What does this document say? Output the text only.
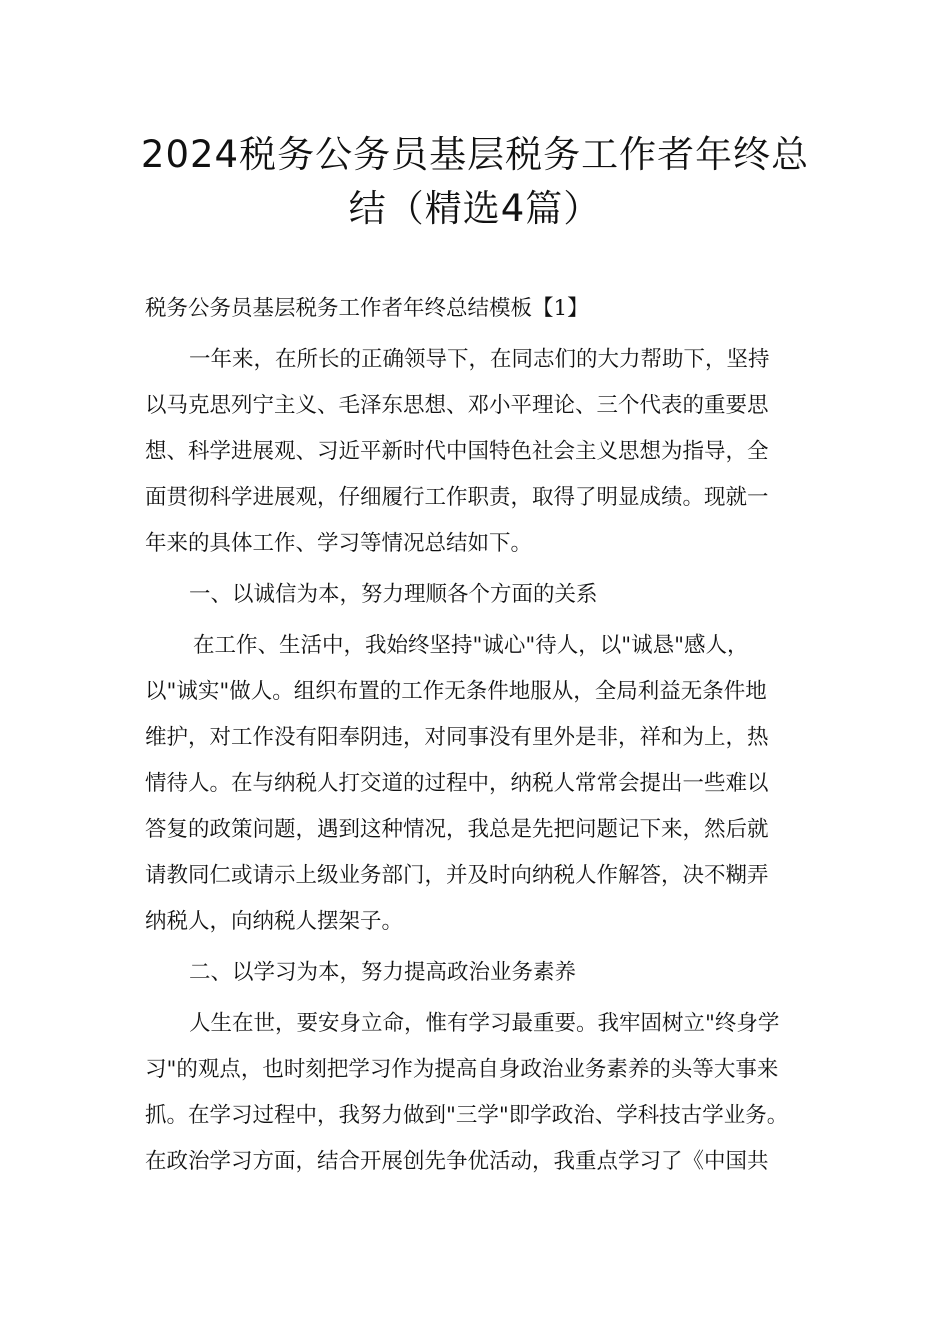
2024税务公务员基层税务工作者年终总
结（精选4篇）

税务公务员基层税务工作者年终总结模板【1】

一年来，在所长的正确领导下，在同志们的大力帮助下，坚持
以马克思列宁主义、毛泽东思想、邓小平理论、三个代表的重要思
想、科学进展观、习近平新时代中国特色社会主义思想为指导，全
面贯彻科学进展观，仔细履行工作职责，取得了明显成绩。现就一
年来的具体工作、学习等情况总结如下。

一、以诚信为本，努力理顺各个方面的关系

在工作、生活中，我始终坚持"诚心"待人，以"诚恳"感人，
以"诚实"做人。组织布置的工作无条件地服从，全局利益无条件地
维护，对工作没有阳奉阴违，对同事没有里外是非，祥和为上，热
情待人。在与纳税人打交道的过程中，纳税人常常会提出一些难以
答复的政策问题，遇到这种情况，我总是先把问题记下来，然后就
请教同仁或请示上级业务部门，并及时向纳税人作解答，决不糊弄
纳税人，向纳税人摆架子。

二、以学习为本，努力提高政治业务素养

人生在世，要安身立命，惟有学习最重要。我牢固树立"终身学
习"的观点，也时刻把学习作为提高自身政治业务素养的头等大事来
抓。在学习过程中，我努力做到"三学"即学政治、学科技古学业务。
在政治学习方面，结合开展创先争优活动，我重点学习了《中国共
